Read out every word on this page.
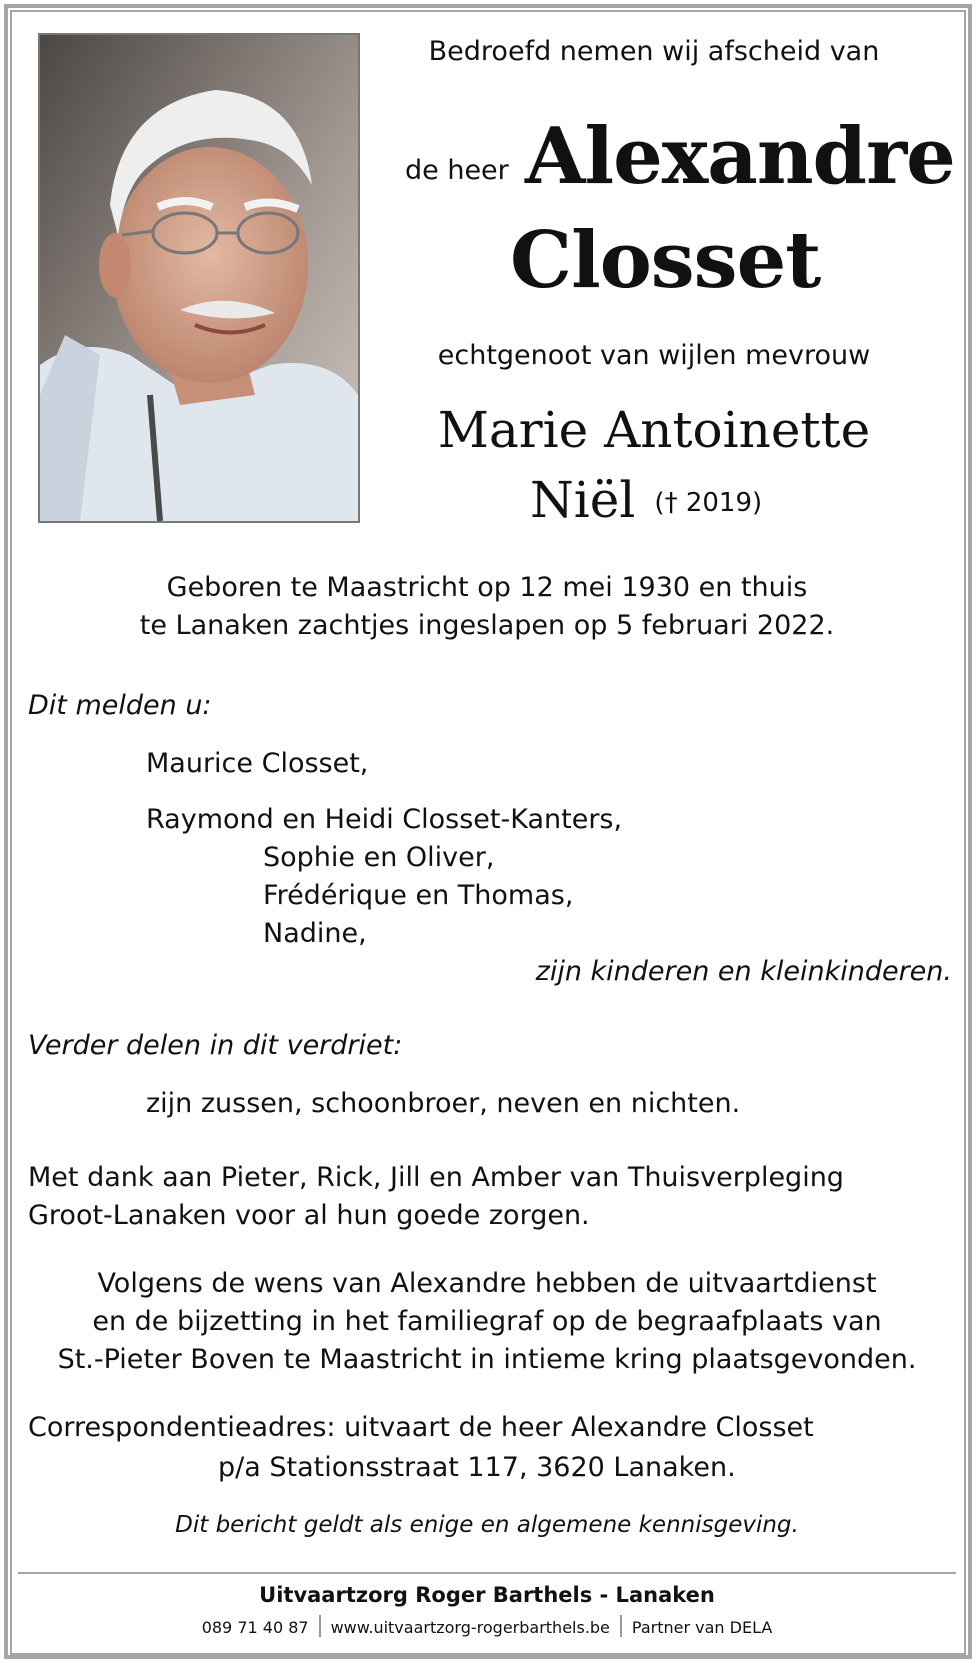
Bedroefd nemen wij afscheid van
de heer Alexandre
Closset
echtgenoot van wijlen mevrouw
Marie Antoinette
Niël († 2019)
Geboren te Maastricht op 12 mei 1930 en thuis
te Lanaken zachtjes ingeslapen op 5 februari 2022.
Dit melden u:
Maurice Closset,
Raymond en Heidi Closset-Kanters,
Sophie en Oliver,
Frédérique en Thomas,
Nadine,
zijn kinderen en kleinkinderen.
Verder delen in dit verdriet:
zijn zussen, schoonbroer, neven en nichten.
Met dank aan Pieter, Rick, Jill en Amber van Thuisverpleging
Groot-Lanaken voor al hun goede zorgen.
Volgens de wens van Alexandre hebben de uitvaartdienst
en de bijzetting in het familiegraf op de begraafplaats van
St.-Pieter Boven te Maastricht in intieme kring plaatsgevonden.
Correspondentieadres: uitvaart de heer Alexandre Closset
p/a Stationsstraat 117, 3620 Lanaken.
Dit bericht geldt als enige en algemene kennisgeving.
Uitvaartzorg Roger Barthels - Lanaken
089 71 40 87 www.uitvaartzorg-rogerbarthels.be Partner van DELA
